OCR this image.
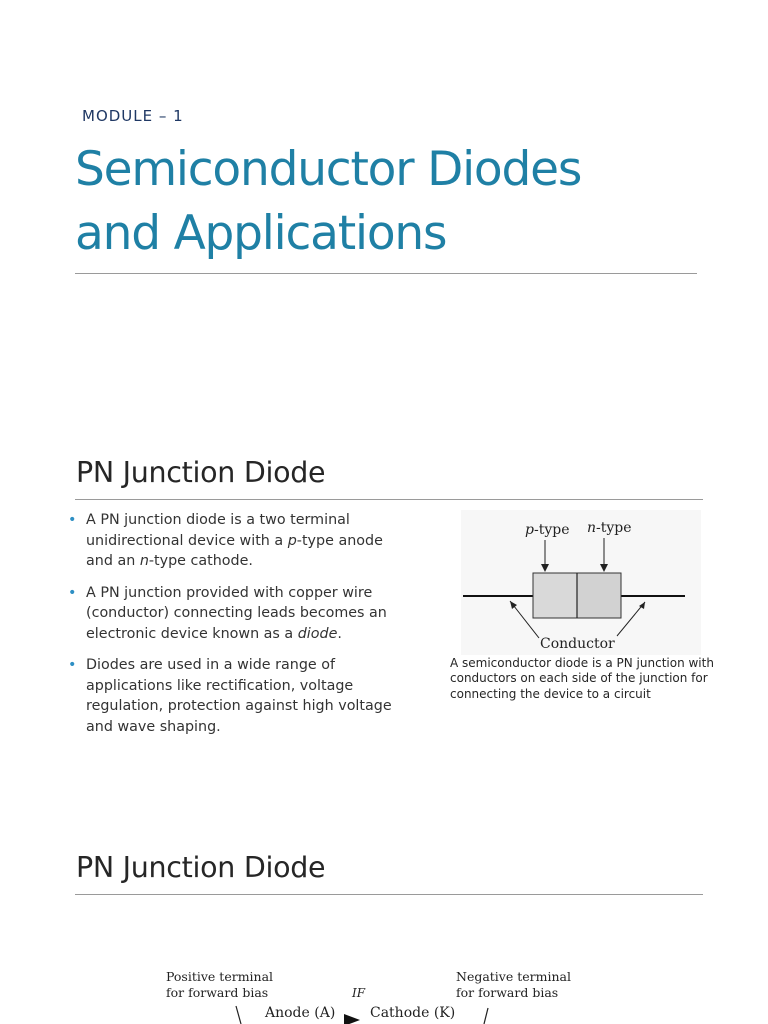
MODULE – 1
Semiconductor Diodes
and Applications
PN Junction Diode
• A PN junction diode is a two terminal unidirectional device with a p-type anode and an n-type cathode.
• A PN junction provided with copper wire (conductor) connecting leads becomes an electronic device known as a diode.
• Diodes are used in a wide range of applications like rectification, voltage regulation, protection against high voltage and wave shaping.
p-type n-type
Conductor

A semiconductor diode is a PN junction with conductors on each side of the junction for connecting the device to a circuit

PN Junction Diode
Positive terminal
for forward bias	IF
Negative terminal
for forward bias
Anode (A) Cathode (K)
